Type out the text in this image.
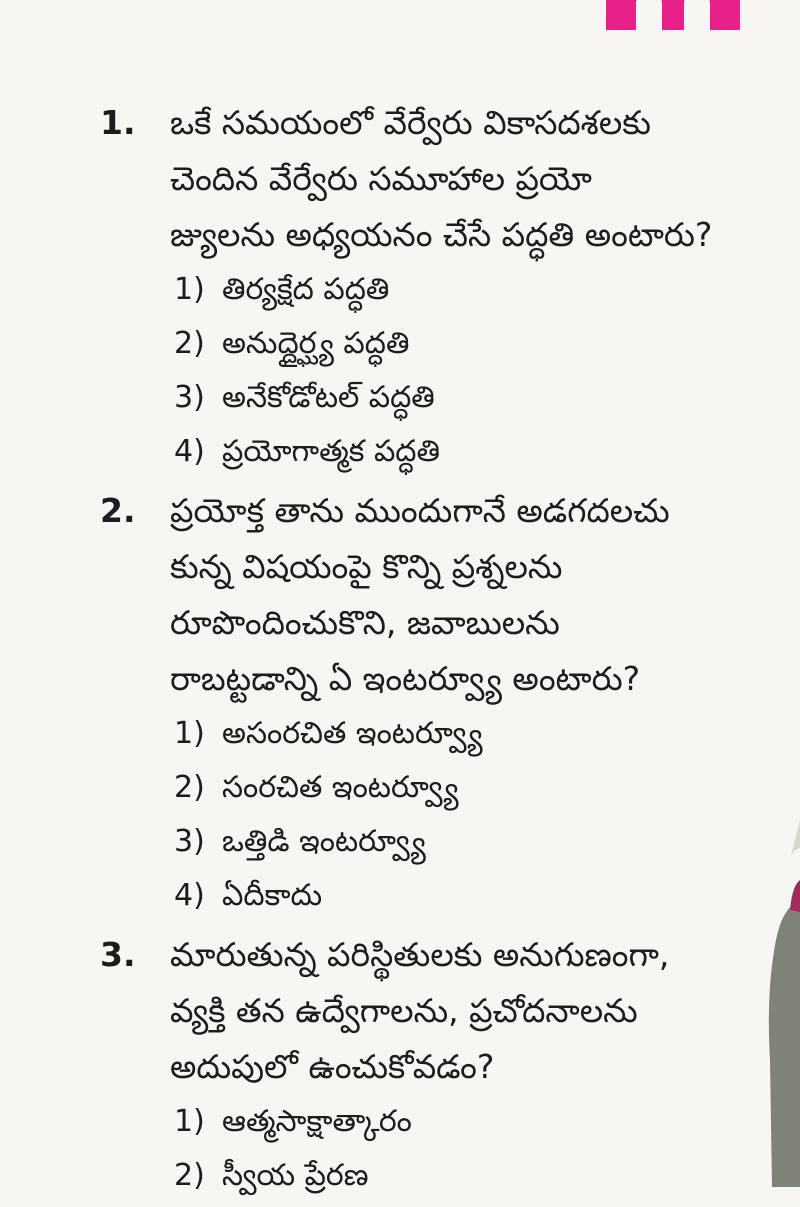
1. ఒకే సమయంలో వేర్వేరు వికాసదశలకు
చెందిన వేర్వేరు సమూహాల ప్రయో
జ్యులను అధ్యయనం చేసే పద్ధతి అంటారు?
1) తిర్యక్షేద పద్ధతి
2) అనుద్దైర్ఘ్య పద్ధతి
3) అనేకోడోటల్ పద్ధతి
4) ప్రయోగాత్మక పద్ధతి
2. ప్రయోక్త తాను ముందుగానే అడగదలచు
కున్న విషయంపై కొన్ని ప్రశ్నలను
రూపొందించుకొని, జవాబులను
రాబట్టడాన్ని ఏ ఇంటర్వ్యూ అంటారు?
1) అసంరచిత ఇంటర్వ్యూ
2) సంరచిత ఇంటర్వ్యూ
3) ఒత్తిడి ఇంటర్వ్యూ
4) ఏదీకాదు
3. మారుతున్న పరిస్థితులకు అనుగుణంగా,
వ్యక్తి తన ఉద్వేగాలను, ప్రచోదనాలను
అదుపులో ఉంచుకోవడం?
1) ఆత్మసాక్షాత్కారం
2) స్వీయ ప్రేరణ
